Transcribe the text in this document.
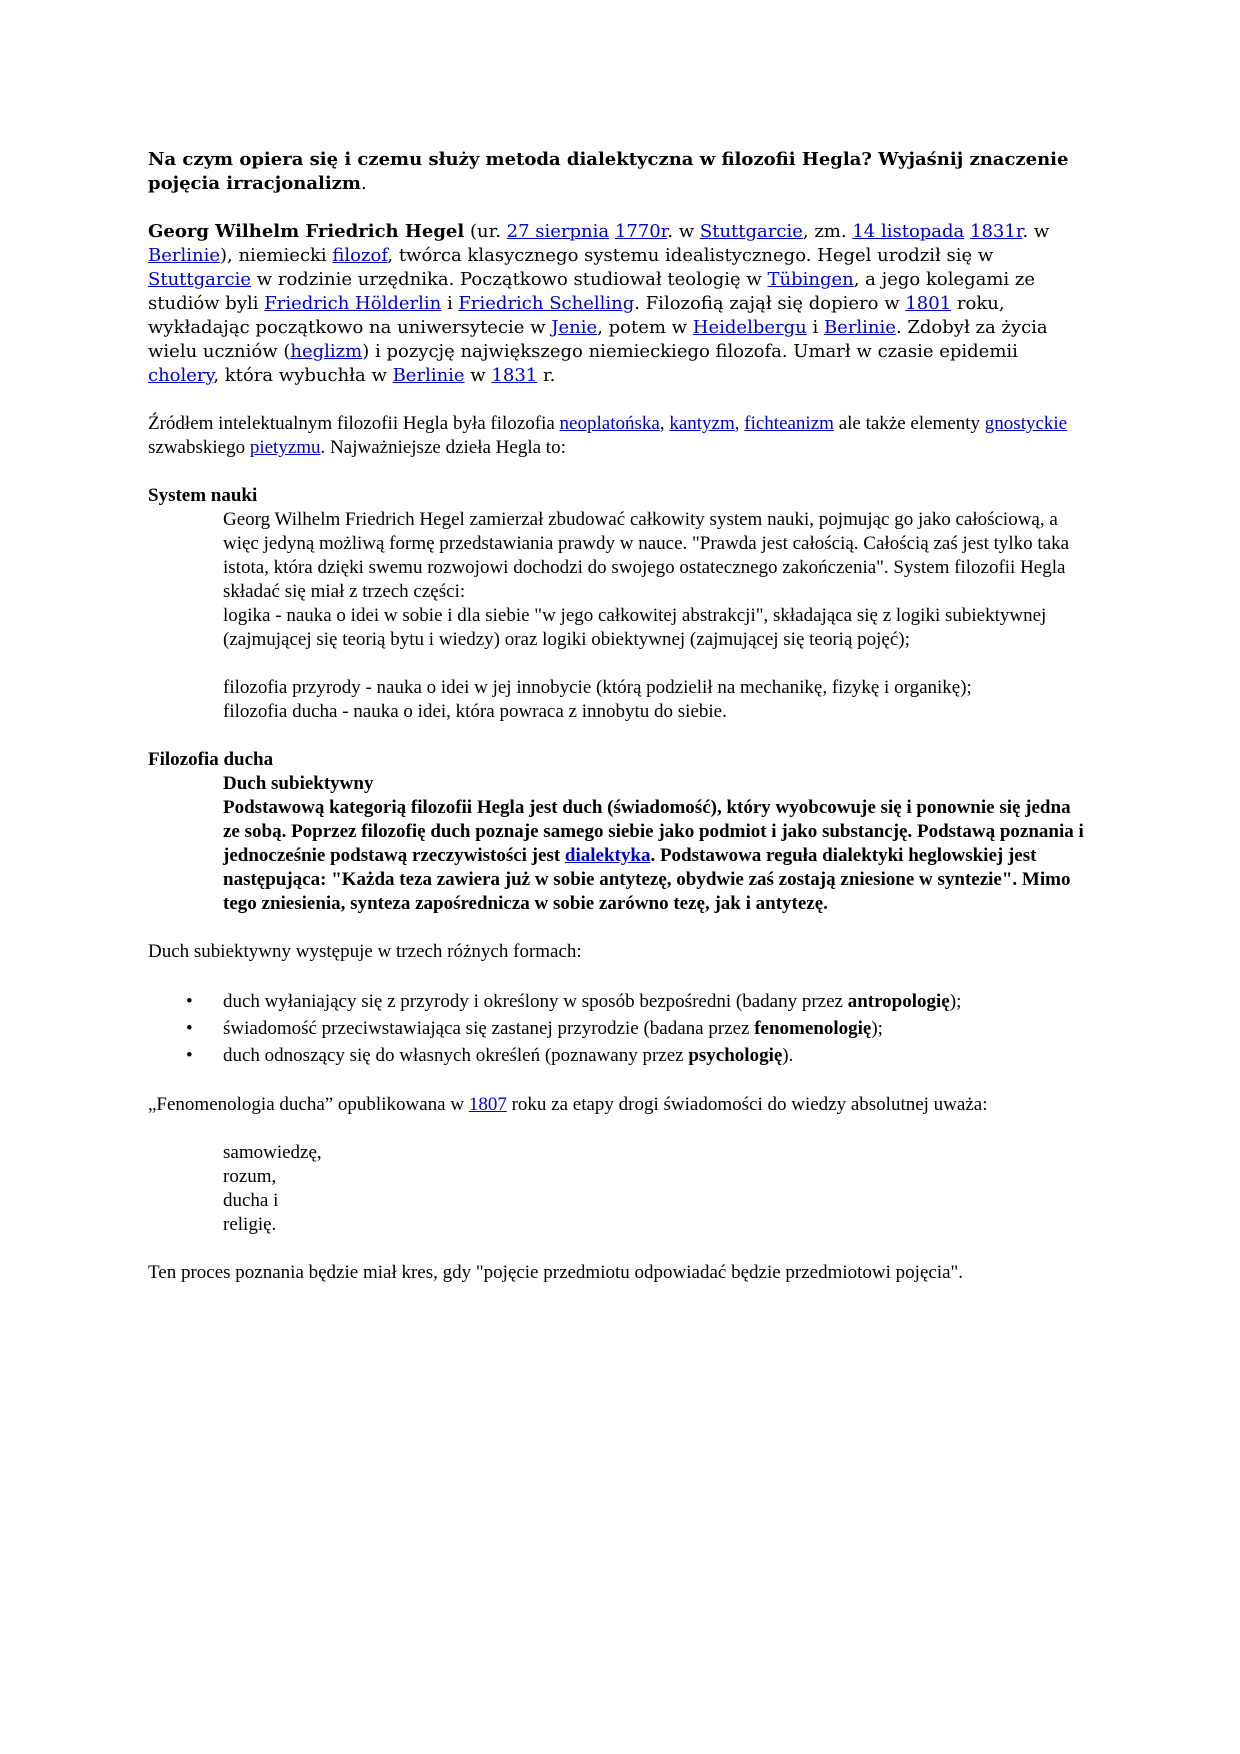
Na czym opiera się i czemu służy metoda dialektyczna w filozofii Hegla? Wyjaśnij znaczenie pojęcia irracjonalizm.

Georg Wilhelm Friedrich Hegel (ur. 27 sierpnia 1770r. w Stuttgarcie, zm. 14 listopada 1831r. w Berlinie), niemiecki filozof, twórca klasycznego systemu idealistycznego. Hegel urodził się w Stuttgarcie w rodzinie urzędnika. Początkowo studiował teologię w Tübingen, a jego kolegami ze studiów byli Friedrich Hölderlin i Friedrich Schelling. Filozofią zajął się dopiero w 1801 roku, wykładając początkowo na uniwersytecie w Jenie, potem w Heidelbergu i Berlinie. Zdobył za życia wielu uczniów (heglizm) i pozycję największego niemieckiego filozofa. Umarł w czasie epidemii cholery, która wybuchła w Berlinie w 1831 r.

Źródłem intelektualnym filozofii Hegla była filozofia neoplatońska, kantyzm, fichteanizm ale także elementy gnostyckie szwabskiego pietyzmu. Najważniejsze dzieła Hegla to:

System nauki

Georg Wilhelm Friedrich Hegel zamierzał zbudować całkowity system nauki, pojmując go jako całościową, a więc jedyną możliwą formę przedstawiania prawdy w nauce. "Prawda jest całością. Całością zaś jest tylko taka istota, która dzięki swemu rozwojowi dochodzi do swojego ostatecznego zakończenia". System filozofii Hegla składać się miał z trzech części:

logika - nauka o idei w sobie i dla siebie "w jego całkowitej abstrakcji", składająca się z logiki subiektywnej (zajmującej się teorią bytu i wiedzy) oraz logiki obiektywnej (zajmującej się teorią pojęć);

filozofia przyrody - nauka o idei w jej innobycie (którą podzielił na mechanikę, fizykę i organikę);

filozofia ducha - nauka o idei, która powraca z innobytu do siebie.

Filozofia ducha

Duch subiektywny

Podstawową kategorią filozofii Hegla jest duch (świadomość), który wyobcowuje się i ponownie się jedna ze sobą. Poprzez filozofię duch poznaje samego siebie jako podmiot i jako substancję. Podstawą poznania i jednocześnie podstawą rzeczywistości jest dialektyka. Podstawowa reguła dialektyki heglowskiej jest następująca: "Każda teza zawiera już w sobie antytezę, obydwie zaś zostają zniesione w syntezie". Mimo tego zniesienia, synteza zapośrednicza w sobie zarówno tezę, jak i antytezę.

Duch subiektywny występuje w trzech różnych formach:

• duch wyłaniający się z przyrody i określony w sposób bezpośredni (badany przez antropologię);
• świadomość przeciwstawiająca się zastanej przyrodzie (badana przez fenomenologię);
• duch odnoszący się do własnych określeń (poznawany przez psychologię).

„Fenomenologia ducha” opublikowana w 1807 roku za etapy drogi świadomości do wiedzy absolutnej uważa:

samowiedzę,

rozum,

ducha i

religię.

Ten proces poznania będzie miał kres, gdy "pojęcie przedmiotu odpowiadać będzie przedmiotowi pojęcia".
